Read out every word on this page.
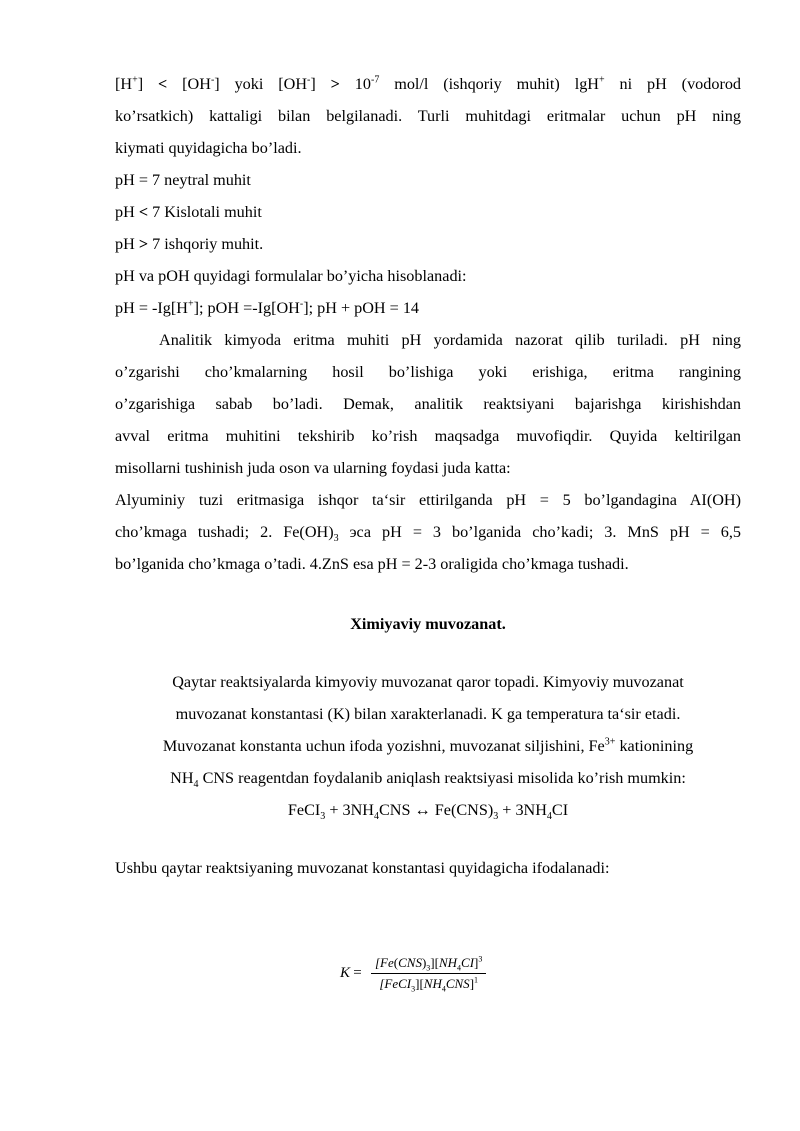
[H+] < [OH-] yoki $[OH^-] > 10^{-7}$ mol/l (ishqoriy muhit) lgH+ ni pH (vodorod
ko’rsatkich) kattaligi bilan belgilanadi. Turli muhitdagi eritmalar uchun pH ning
kiymati quyidagicha bo’ladi.
pH = 7 neytral muhit
pH < 7 Kislotali muhit
pH > 7 ishqoriy muhit.
pH va pOH quyidagi formulalar bo’yicha hisoblanadi:
pH = -Ig[H+]; pOH =-Ig[OH-]; pH + pOH = 14
Analitik kimyoda eritma muhiti pH yordamida nazorat qilib turiladi. pH ning
o’zgarishi cho’kmalarning hosil bo’lishiga yoki erishiga, eritma rangining
o’zgarishiga sabab bo’ladi. Demak, analitik reaktsiyani bajarishga kirishishdan
avval eritma muhitini tekshirib ko’rish maqsadga muvofiqdir. Quyida keltirilgan
misollarni tushinish juda oson va ularning foydasi juda katta:
Alyuminiy tuzi eritmasiga ishqor ta‘sir ettirilganda pH = 5 bo’lgandagina AI(OH)
cho’kmaga tushadi; 2. $Fe(OH)_3$ эса pH = 3 bo’lganida cho’kadi; 3. MnS pH = 6,5
bo’lganida cho’kmaga o’tadi. 4.ZnS esa pH = 2-3 oraligida cho’kmaga tushadi.
Ximiyaviy muvozanat.
Qaytar reaktsiyalarda kimyoviy muvozanat qaror topadi. Kimyoviy muvozanat
muvozanat konstantasi (K) bilan xarakterlanadi. K ga temperatura ta‘sir etadi.
Muvozanat konstanta uchun ifoda yozishni, muvozanat siljishini, $Fe^{3+}$ kationining
$NH_4$ CNS reagentdan foydalanib aniqlash reaktsiyasi misolida ko’rish mumkin:
FeCI$_3$ + $3NH_4CNS$ ↔ $Fe(CNS)_3 + 3NH_4CI$
Ushbu qaytar reaktsiyaning muvozanat konstantasi quyidagicha ifodalanadi:
$K = \frac{[Fe(CNS)_3][NH_4CI]^3}{[FeCI_3][NH_4CNS]^1}$
